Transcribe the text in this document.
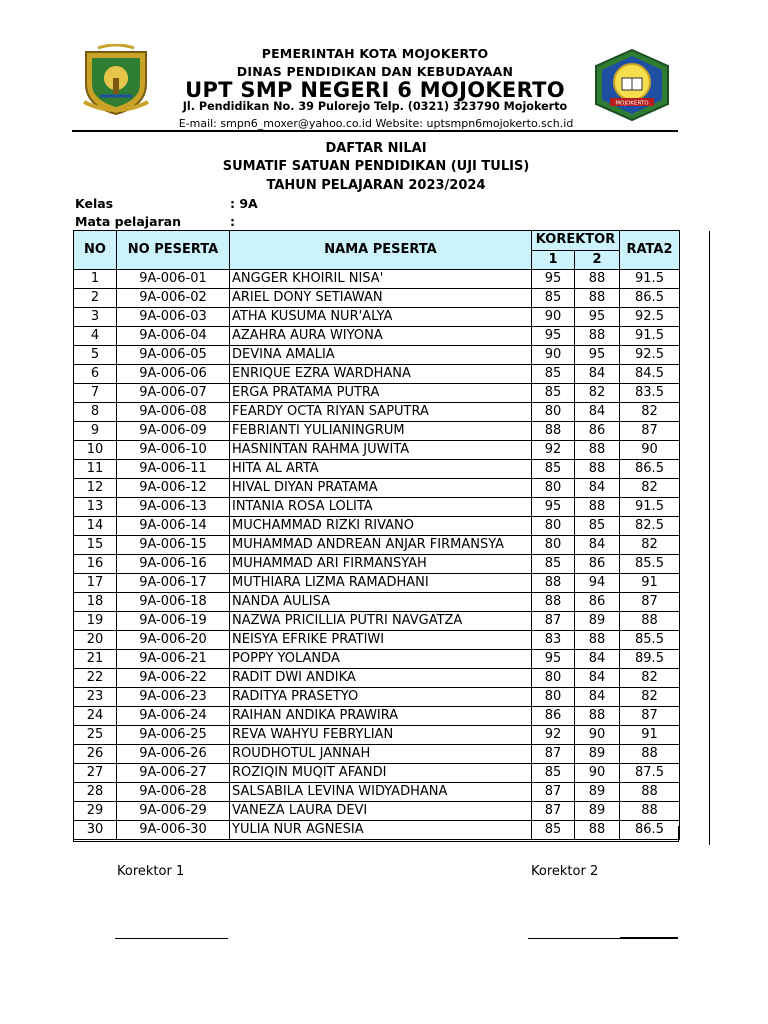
PEMERINTAH KOTA MOJOKERTO
DINAS PENDIDIKAN DAN KEBUDAYAAN
UPT SMP NEGERI 6 MOJOKERTO
Jl. Pendidikan No. 39 Pulorejo Telp. (0321) 323790 Mojokerto
E-mail: smpn6_moxer@yahoo.co.id Website: uptsmpn6mojokerto.sch.id
MOJOKERTO
DAFTAR NILAI
SUMATIF SATUAN PENDIDIKAN (UJI TULIS)
TAHUN PELAJARAN 2023/2024
Kelas	: 9A
Mata pelajaran	:
NO	NO PESERTA	NAMA PESERTA	KOREKTOR		RATA2
			1	2	
1	9A-006-01	ANGGER KHOIRIL NISA'	95	88	91.5
2	9A-006-02	ARIEL DONY SETIAWAN	85	88	86.5
3	9A-006-03	ATHA KUSUMA NUR'ALYA	90	95	92.5
4	9A-006-04	AZAHRA AURA WIYONA	95	88	91.5
5	9A-006-05	DEVINA AMALIA	90	95	92.5
6	9A-006-06	ENRIQUE EZRA WARDHANA	85	84	84.5
7	9A-006-07	ERGA PRATAMA PUTRA	85	82	83.5
8	9A-006-08	FEARDY OCTA RIYAN SAPUTRA	80	84	82
9	9A-006-09	FEBRIANTI YULIANINGRUM	88	86	87
10	9A-006-10	HASNINTAN RAHMA JUWITA	92	88	90
11	9A-006-11	HITA AL ARTA	85	88	86.5
12	9A-006-12	HIVAL DIYAN PRATAMA	80	84	82
13	9A-006-13	INTANIA ROSA LOLITA	95	88	91.5
14	9A-006-14	MUCHAMMAD RIZKI RIVANO	80	85	82.5
15	9A-006-15	MUHAMMAD ANDREAN ANJAR FIRMANSYA	80	84	82
16	9A-006-16	MUHAMMAD ARI FIRMANSYAH	85	86	85.5
17	9A-006-17	MUTHIARA LIZMA RAMADHANI	88	94	91
18	9A-006-18	NANDA AULISA	88	86	87
19	9A-006-19	NAZWA PRICILLIA PUTRI NAVGATZA	87	89	88
20	9A-006-20	NEISYA EFRIKE PRATIWI	83	88	85.5
21	9A-006-21	POPPY YOLANDA	95	84	89.5
22	9A-006-22	RADIT DWI ANDIKA	80	84	82
23	9A-006-23	RADITYA PRASETYO	80	84	82
24	9A-006-24	RAIHAN ANDIKA PRAWIRA	86	88	87
25	9A-006-25	REVA WAHYU FEBRYLIAN	92	90	91
26	9A-006-26	ROUDHOTUL JANNAH	87	89	88
27	9A-006-27	ROZIQIN MUQIT AFANDI	85	90	87.5
28	9A-006-28	SALSABILA LEVINA WIDYADHANA	87	89	88
29	9A-006-29	VANEZA LAURA DEVI	87	89	88
30	9A-006-30	YULIA NUR AGNESIA	85	88	86.5
Korektor 1	Korektor 2
